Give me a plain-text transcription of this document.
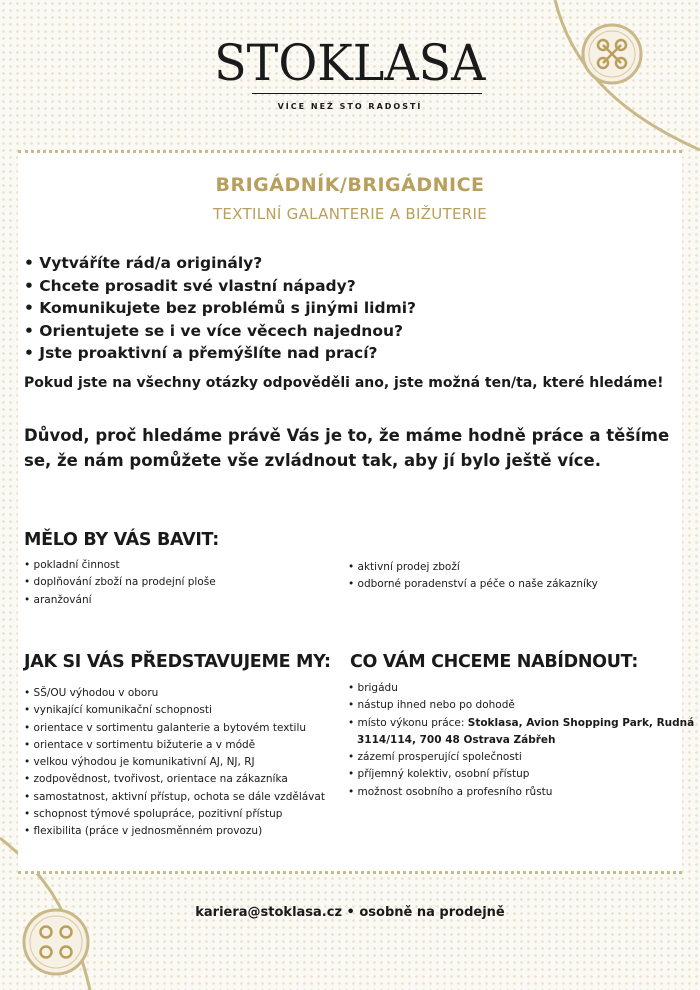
STOKLASA
VÍCE NEŽ STO RADOSTÍ
BRIGÁDNÍK/BRIGÁDNICE
TEXTILNÍ GALANTERIE A BIŽUTERIE
• Vytváříte rád/a originály?
• Chcete prosadit své vlastní nápady?
• Komunikujete bez problémů s jinými lidmi?
• Orientujete se i ve více věcech najednou?
• Jste proaktivní a přemýšlíte nad prací?
Pokud jste na všechny otázky odpověděli ano, jste možná ten/ta, které hledáme!
Důvod, proč hledáme právě Vás je to, že máme hodně práce a těšíme se, že nám pomůžete vše zvládnout tak, aby jí bylo ještě více.
MĚLO BY VÁS BAVIT:
• pokladní činnost
• doplňování zboží na prodejní ploše
• aranžování
• aktivní prodej zboží
• odborné poradenství a péče o naše zákazníky
JAK SI VÁS PŘEDSTAVUJEME MY:
• SŠ/OU výhodou v oboru
• vynikající komunikační schopnosti
• orientace v sortimentu galanterie a bytovém textilu
• orientace v sortimentu bižuterie a v módě
• velkou výhodou je komunikativní AJ, NJ, RJ
• zodpovědnost, tvořivost, orientace na zákazníka
• samostatnost, aktivní přístup, ochota se dále vzdělávat
• schopnost týmové spolupráce, pozitivní přístup
• flexibilita (práce v jednosměnném provozu)
CO VÁM CHCEME NABÍDNOUT:
• brigádu
• nástup ihned nebo po dohodě
• místo výkonu práce: Stoklasa, Avion Shopping Park, Rudná
3114/114, 700 48 Ostrava Zábřeh
• zázemí prosperující společnosti
• příjemný kolektiv, osobní přístup
• možnost osobního a profesního růstu
kariera@stoklasa.cz • osobně na prodejně
